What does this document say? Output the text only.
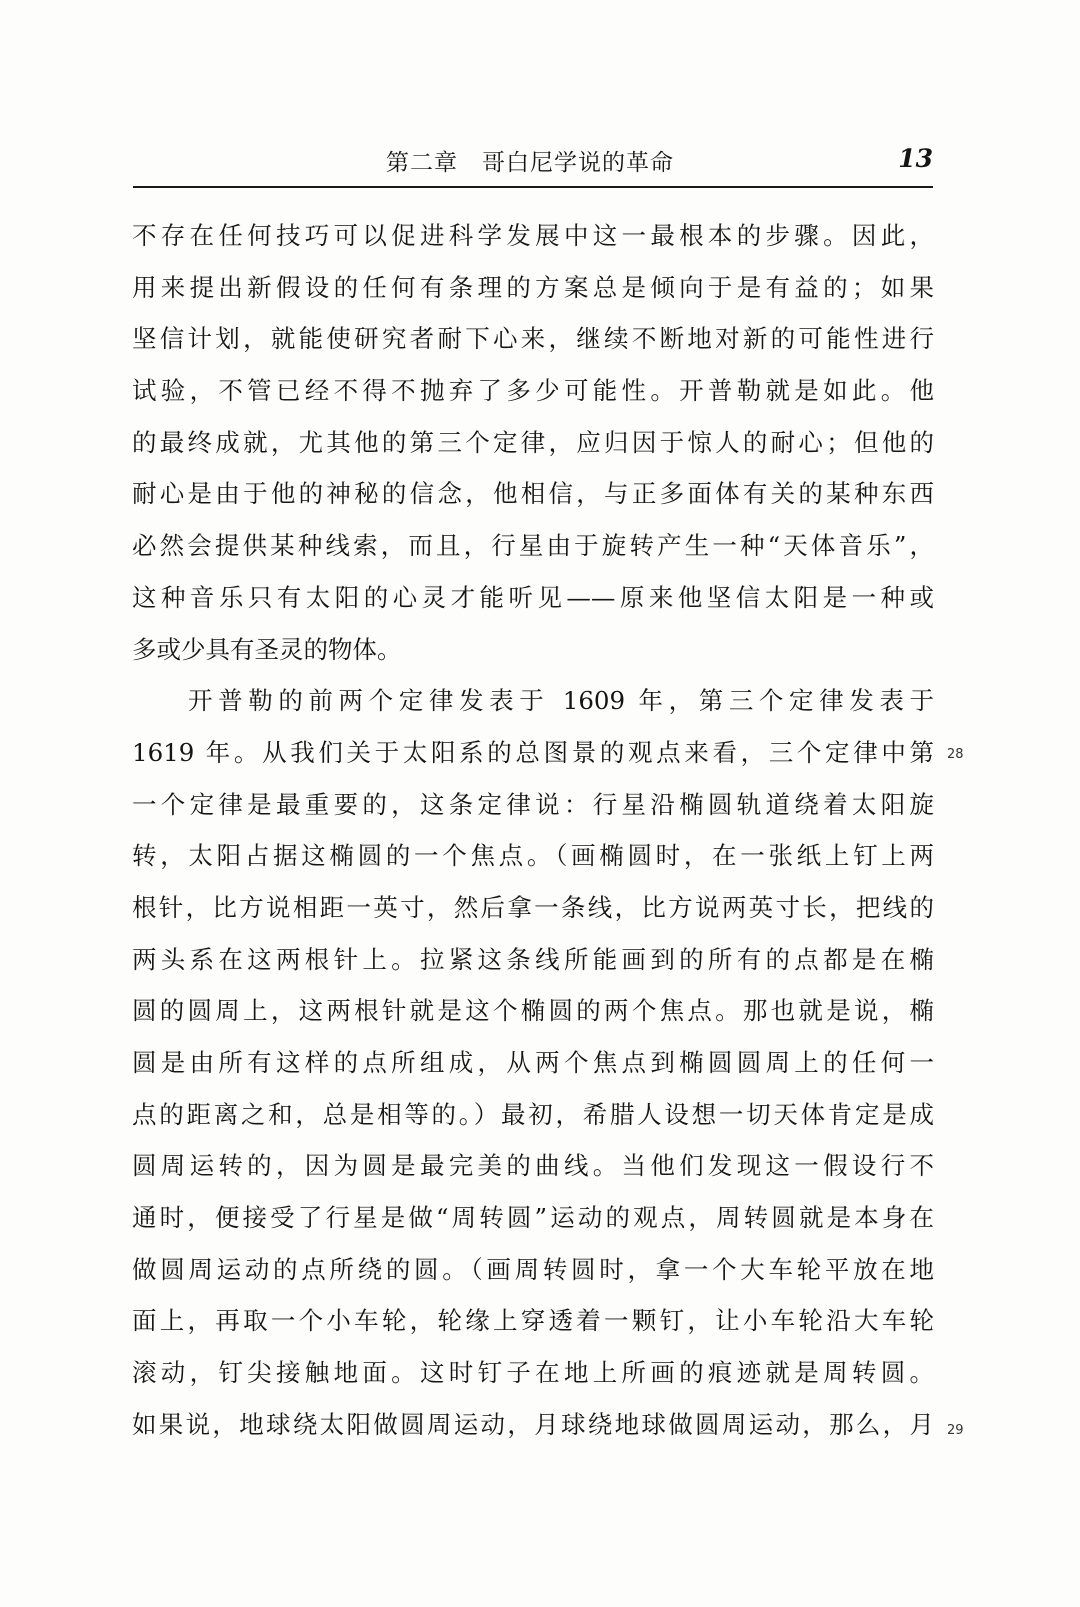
第二章　哥白尼学说的革命	13
不存在任何技巧可以促进科学发展中这一最根本的步骤。因此，
用来提出新假设的任何有条理的方案总是倾向于是有益的；如果
坚信计划，就能使研究者耐下心来，继续不断地对新的可能性进行
试验，不管已经不得不抛弃了多少可能性。开普勒就是如此。他
的最终成就，尤其他的第三个定律，应归因于惊人的耐心；但他的
耐心是由于他的神秘的信念，他相信，与正多面体有关的某种东西
必然会提供某种线索，而且，行星由于旋转产生一种“天体音乐”，
这种音乐只有太阳的心灵才能听见——原来他坚信太阳是一种或
多或少具有圣灵的物体。
开普勒的前两个定律发表于 1609 年，第三个定律发表于
1619 年。从我们关于太阳系的总图景的观点来看，三个定律中第
一个定律是最重要的，这条定律说：行星沿椭圆轨道绕着太阳旋
转，太阳占据这椭圆的一个焦点。（画椭圆时，在一张纸上钉上两
根针，比方说相距一英寸，然后拿一条线，比方说两英寸长，把线的
两头系在这两根针上。拉紧这条线所能画到的所有的点都是在椭
圆的圆周上，这两根针就是这个椭圆的两个焦点。那也就是说，椭
圆是由所有这样的点所组成，从两个焦点到椭圆圆周上的任何一
点的距离之和，总是相等的。）最初，希腊人设想一切天体肯定是成
圆周运转的，因为圆是最完美的曲线。当他们发现这一假设行不
通时，便接受了行星是做“周转圆”运动的观点，周转圆就是本身在
做圆周运动的点所绕的圆。（画周转圆时，拿一个大车轮平放在地
面上，再取一个小车轮，轮缘上穿透着一颗钉，让小车轮沿大车轮
滚动，钉尖接触地面。这时钉子在地上所画的痕迹就是周转圆。
如果说，地球绕太阳做圆周运动，月球绕地球做圆周运动，那么，月
28
29
